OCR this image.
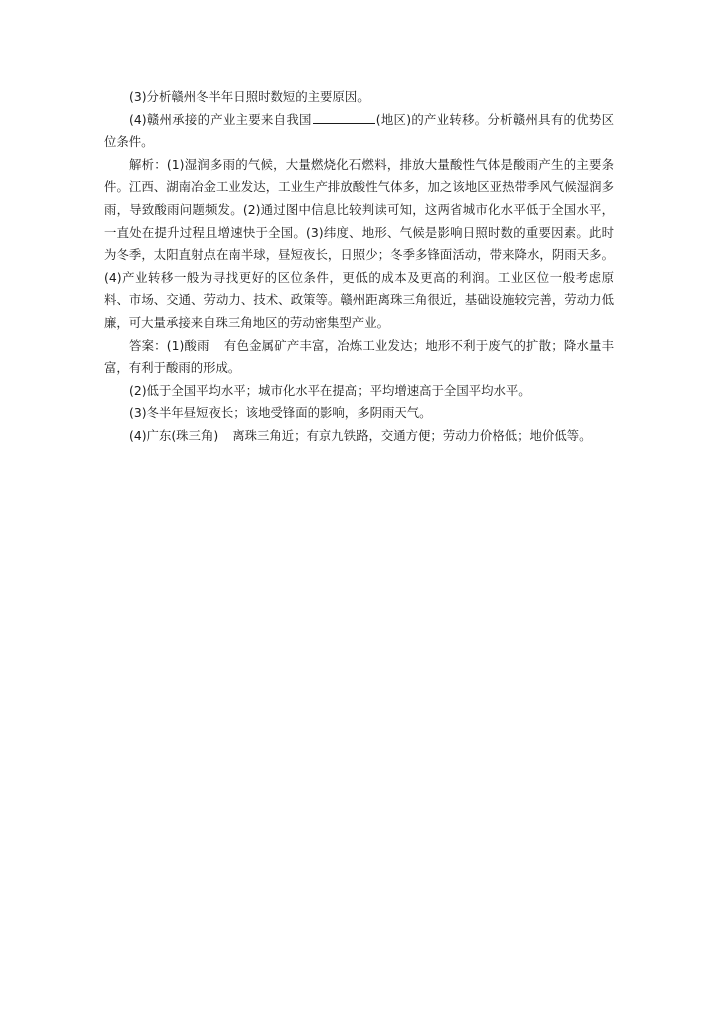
(3)分析赣州冬半年日照时数短的主要原因。

(4)赣州承接的产业主要来自我国	(地区)的产业转移。分析赣州具有的优势区位条件。

解析：(1)湿润多雨的气候，大量燃烧化石燃料，排放大量酸性气体是酸雨产生的主要条件。江西、湖南冶金工业发达，工业生产排放酸性气体多，加之该地区亚热带季风气候湿润多雨，导致酸雨问题频发。(2)通过图中信息比较判读可知，这两省城市化水平低于全国水平，一直处在提升过程且增速快于全国。(3)纬度、地形、气候是影响日照时数的重要因素。此时为冬季，太阳直射点在南半球，昼短夜长，日照少；冬季多锋面活动，带来降水，阴雨天多。(4)产业转移一般为寻找更好的区位条件，更低的成本及更高的利润。工业区位一般考虑原料、市场、交通、劳动力、技术、政策等。赣州距离珠三角很近，基础设施较完善，劳动力低廉，可大量承接来自珠三角地区的劳动密集型产业。

答案：(1)酸雨 有色金属矿产丰富，冶炼工业发达；地形不利于废气的扩散；降水量丰富，有利于酸雨的形成。

(2)低于全国平均水平；城市化水平在提高；平均增速高于全国平均水平。

(3)冬半年昼短夜长；该地受锋面的影响，多阴雨天气。

(4)广东(珠三角) 离珠三角近；有京九铁路，交通方便；劳动力价格低；地价低等。
